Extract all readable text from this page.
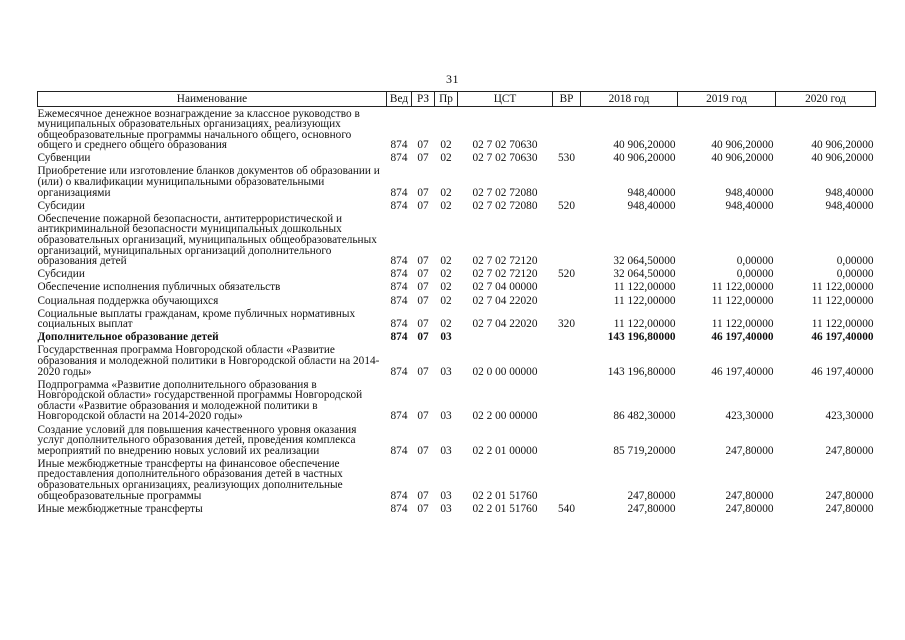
31
Наименование	Вед	РЗ	Пр	ЦСТ	ВР	2018 год	2019 год	2020 год
Ежемесячное денежное вознаграждение за классное руководство в муниципальных образовательных организациях, реализующих общеобразовательные программы начального общего, основного общего и среднего общего образования	874	07	02	02 7 02 70630		40 906,20000	40 906,20000	40 906,20000
Субвенции	874	07	02	02 7 02 70630	530	40 906,20000	40 906,20000	40 906,20000
Приобретение или изготовление бланков документов об образовании и (или) о квалификации муниципальными образовательными организациями	874	07	02	02 7 02 72080		948,40000	948,40000	948,40000
Субсидии	874	07	02	02 7 02 72080	520	948,40000	948,40000	948,40000
Обеспечение пожарной безопасности, антитеррористической и антикриминальной безопасности муниципальных дошкольных образовательных организаций, муниципальных общеобразовательных организаций, муниципальных организаций дополнительного образования детей	874	07	02	02 7 02 72120		32 064,50000	0,00000	0,00000
Субсидии	874	07	02	02 7 02 72120	520	32 064,50000	0,00000	0,00000
Обеспечение исполнения публичных обязательств	874	07	02	02 7 04 00000		11 122,00000	11 122,00000	11 122,00000
Социальная поддержка обучающихся	874	07	02	02 7 04 22020		11 122,00000	11 122,00000	11 122,00000
Социальные выплаты гражданам, кроме публичных нормативных социальных выплат	874	07	02	02 7 04 22020	320	11 122,00000	11 122,00000	11 122,00000
Дополнительное образование детей	874	07	03			143 196,80000	46 197,40000	46 197,40000
Государственная программа Новгородской области «Развитие образования и молодежной политики в Новгородской области на 2014-2020 годы»	874	07	03	02 0 00 00000		143 196,80000	46 197,40000	46 197,40000
Подпрограмма «Развитие дополнительного образования в Новгородской области» государственной программы Новгородской области «Развитие образования и молодежной политики в Новгородской области на 2014-2020 годы»	874	07	03	02 2 00 00000		86 482,30000	423,30000	423,30000
Создание условий для повышения качественного уровня оказания услуг дополнительного образования детей, проведения комплекса мероприятий по внедрению новых условий их реализации	874	07	03	02 2 01 00000		85 719,20000	247,80000	247,80000
Иные межбюджетные трансферты на финансовое обеспечение предоставления дополнительного образования детей в частных образовательных организациях, реализующих дополнительные общеобразовательные программы	874	07	03	02 2 01 51760		247,80000	247,80000	247,80000
Иные межбюджетные трансферты	874	07	03	02 2 01 51760	540	247,80000	247,80000	247,80000
